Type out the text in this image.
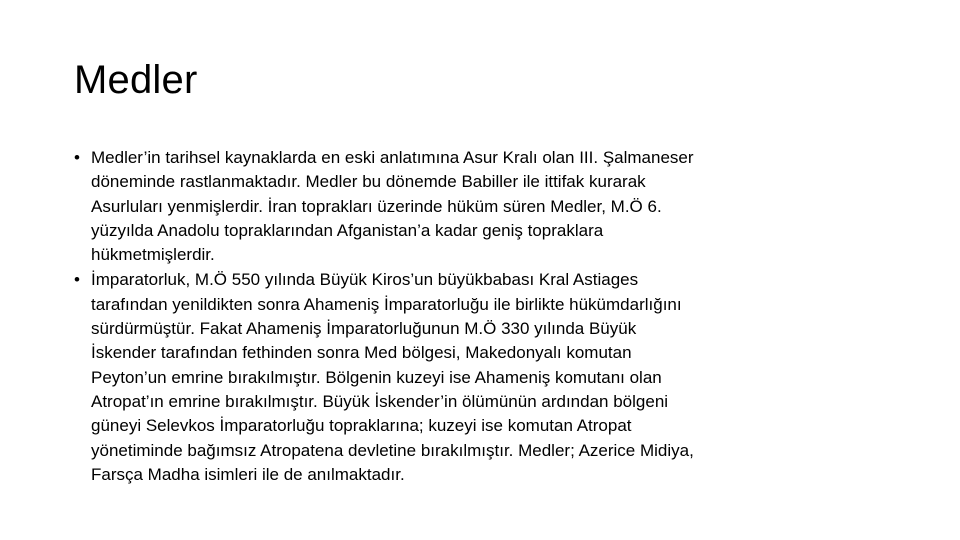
Medler
• Medler’in tarihsel kaynaklarda en eski anlatımına Asur Kralı olan III. Şalmaneser
döneminde rastlanmaktadır. Medler bu dönemde Babiller ile ittifak kurarak
Asurluları yenmişlerdir. İran toprakları üzerinde hüküm süren Medler, M.Ö 6.
yüzyılda Anadolu topraklarından Afganistan’a kadar geniş topraklara
hükmetmişlerdir.
• İmparatorluk, M.Ö 550 yılında Büyük Kiros’un büyükbabası Kral Astiages
tarafından yenildikten sonra Ahameniş İmparatorluğu ile birlikte hükümdarlığını
sürdürmüştür. Fakat Ahameniş İmparatorluğunun M.Ö 330 yılında Büyük
İskender tarafından fethinden sonra Med bölgesi, Makedonyalı komutan
Peyton’un emrine bırakılmıştır. Bölgenin kuzeyi ise Ahameniş komutanı olan
Atropat’ın emrine bırakılmıştır. Büyük İskender’in ölümünün ardından bölgeni
güneyi Selevkos İmparatorluğu topraklarına; kuzeyi ise komutan Atropat
yönetiminde bağımsız Atropatena devletine bırakılmıştır. Medler; Azerice Midiya,
Farsça Madha isimleri ile de anılmaktadır.
